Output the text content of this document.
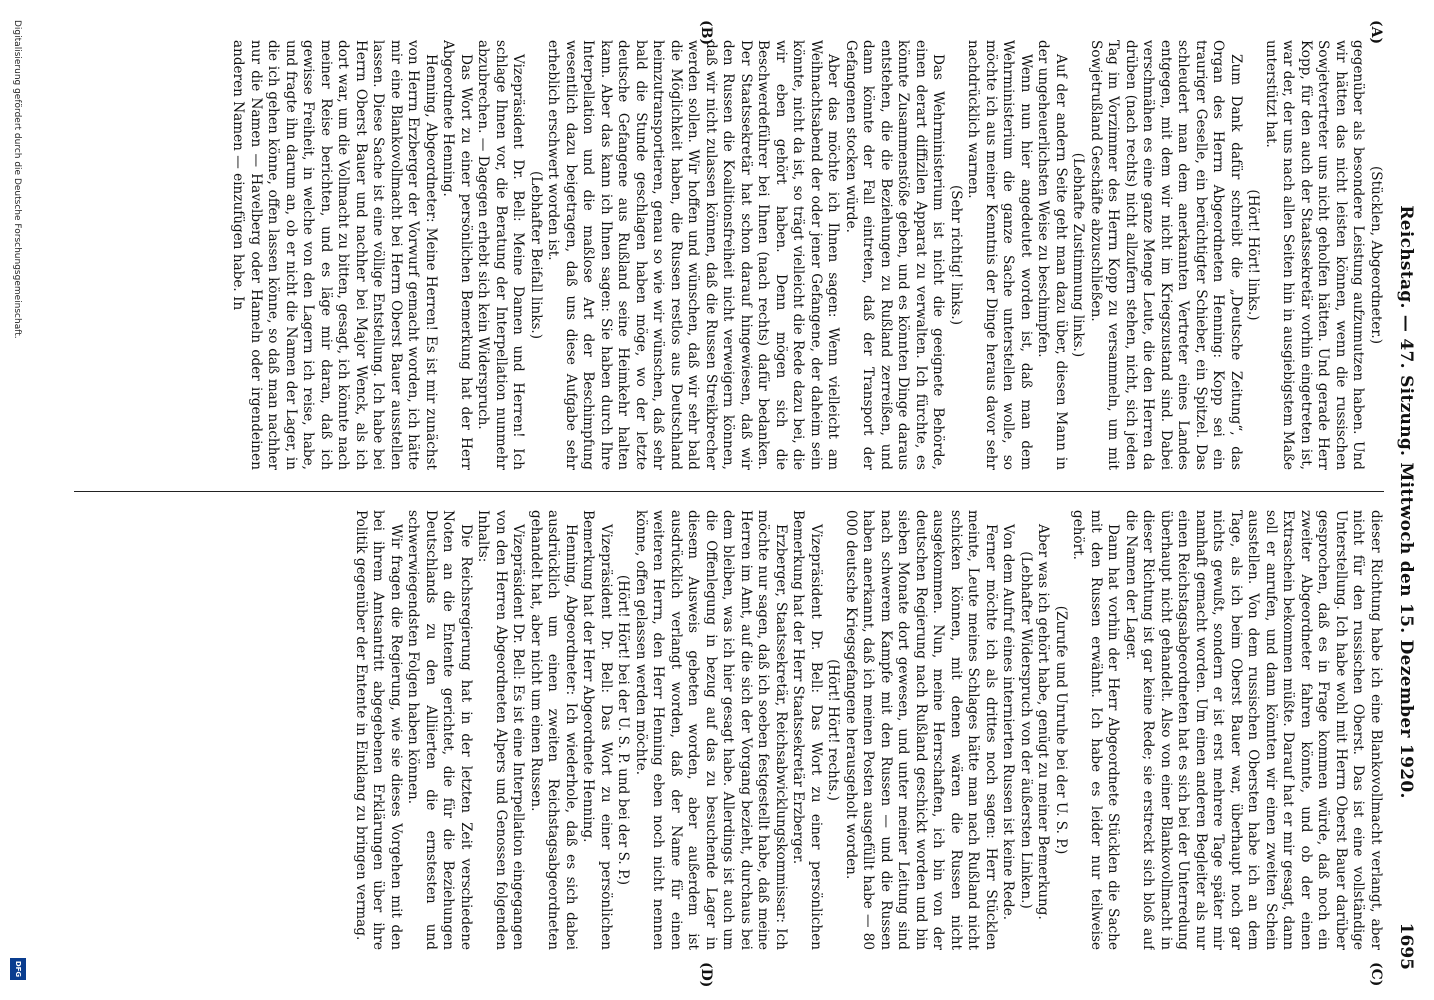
Reichstag. — 47. Sitzung. Mittwoch den 15. Dezember 1920.
1695
(A)
(B)
(C)
(D)

(Stücklen, Abgeordneter.)

gegenüber als besondere Leistung aufzumutzen haben. Und wir hätten das nicht leisten können, wenn die russischen Sowjetvertreter uns nicht geholfen hätten. Und gerade Herr Kopp, für den auch der Staatssekretär vorhin eingetreten ist, war der, der uns nach allen Seiten hin in ausgiebigstem Maße unterstützt hat.

(Hört! Hört! links.)

Zum Dank dafür schreibt die „Deutsche Zeitung“, das Organ des Herrn Abgeordneten Henning: Kopp sei ein trauriger Geselle, ein berüchtigter Schieber, ein Spitzel. Das schleudert man dem anerkannten Vertreter eines Landes entgegen, mit dem wir nicht im Kriegszustand sind. Dabei verschmähen es eine ganze Menge Leute, die den Herren da drüben (nach rechts) nicht allzufern stehen, nicht, sich jeden Tag im Vorzimmer des Herrn Kopp zu versammeln, um mit Sowjetrußland Geschäfte abzuschließen.

(Lebhafte Zustimmung links.)

Auf der andern Seite geht man dazu über, diesen Mann in der ungeheuerlichsten Weise zu beschimpfen.

Wenn nun hier angedeutet worden ist, daß man dem Wehrministerium die ganze Sache unterstellen wolle, so möchte ich aus meiner Kenntnis der Dinge heraus davor sehr nachdrücklich warnen.

(Sehr richtig! links.)

Das Wehrministerium ist nicht die geeignete Behörde, einen derart diffizilen Apparat zu verwalten. Ich fürchte, es könnte Zusammenstöße geben, und es könnten Dinge daraus entstehen, die die Beziehungen zu Rußland zerreißen, und dann könnte der Fall eintreten, daß der Transport der Gefangenen stocken würde.

Aber das möchte ich Ihnen sagen: Wenn vielleicht am Weihnachtsabend der oder jener Gefangene, der daheim sein könnte, nicht da ist, so trägt vielleicht die Rede dazu bei, die wir eben gehört haben. Denn mögen sich die Beschwerdeführer bei Ihnen (nach rechts) dafür bedanken. Der Staatssekretär hat schon darauf hingewiesen, daß wir den Russen die Koalitionsfreiheit nicht verweigern können, daß wir nicht zulassen können, daß die Russen Streikbrecher werden sollen. Wir hoffen und wünschen, daß wir sehr bald die Möglichkeit haben, die Russen restlos aus Deutschland heimzutransportieren, genau so wie wir wünschen, daß sehr bald die Stunde geschlagen haben möge, wo der letzte deutsche Gefangene aus Rußland seine Heimkehr halten kann. Aber das kann ich Ihnen sagen: Sie haben durch Ihre Interpellation und die maßlose Art der Beschimpfung wesentlich dazu beigetragen, daß uns diese Aufgabe sehr erheblich erschwert worden ist.

(Lebhafter Beifall links.)

Vizepräsident Dr. Bell: Meine Damen und Herren! Ich schlage Ihnen vor, die Beratung der Interpellation nunmehr abzubrechen. — Dagegen erhebt sich kein Widerspruch.

Das Wort zu einer persönlichen Bemerkung hat der Herr Abgeordnete Henning.

Henning, Abgeordneter: Meine Herren! Es ist mir zunächst von Herrn Erzberger der Vorwurf gemacht worden, ich hätte mir eine Blankovollmacht bei Herrn Oberst Bauer ausstellen lassen. Diese Sache ist eine völlige Entstellung. Ich habe bei Herrn Oberst Bauer und nachher bei Major Wenck, als ich dort war, um die Vollmacht zu bitten, gesagt, ich könnte nach meiner Reise berichten, und es läge mir daran, daß ich gewisse Freiheit, in welche von den Lagern ich reise, habe, und fragte ihn darum an, ob er nicht die Namen der Lager, in die ich gehen könne, offen lassen könne, so daß man nachher nur die Namen — Havelberg oder Hameln oder irgendeinen anderen Namen — einzufügen habe. In

dieser Richtung habe ich eine Blankovollmacht verlangt, aber nicht für den russischen Oberst. Das ist eine vollständige Unterstellung. Ich habe wohl mit Herrn Oberst Bauer darüber gesprochen, daß es in Frage kommen würde, daß noch ein zweiter Abgeordneter fahren könnte, und ob der einen Extraschein bekommen müßte. Darauf hat er mir gesagt, dann soll er anrufen, und dann könnten wir einen zweiten Schein ausstellen. Von dem russischen Obersten habe ich an dem Tage, als ich beim Oberst Bauer war, überhaupt noch gar nichts gewußt, sondern er ist erst mehrere Tage später mir namhaft gemacht worden. Um einen anderen Begleiter als nur einen Reichstagsabgeordneten hat es sich bei der Unterredung überhaupt nicht gehandelt. Also von einer Blankovollmacht in dieser Richtung ist gar keine Rede; sie erstreckt sich bloß auf die Namen der Lager.

Dann hat vorhin der Herr Abgeordnete Stücklen die Sache mit den Russen erwähnt. Ich habe es leider nur teilweise gehört.

(Zurufe und Unruhe bei der U. S. P.)

Aber was ich gehört habe, genügt zu meiner Bemerkung.

(Lebhafter Widerspruch von der äußersten Linken.)

Von dem Aufruf eines internierten Russen ist keine Rede.

Ferner möchte ich als drittes noch sagen: Herr Stücklen meinte, Leute meines Schlages hätte man nach Rußland nicht schicken können, mit denen wären die Russen nicht ausgekommen. Nun, meine Herrschaften, ich bin von der deutschen Regierung nach Rußland geschickt worden und bin sieben Monate dort gewesen, und unter meiner Leitung sind nach schwerem Kampfe mit den Russen — und die Russen haben anerkannt, daß ich meinen Posten ausgefüllt habe — 80 000 deutsche Kriegsgefangene herausgeholt worden.

(Hört! Hört! rechts.)

Vizepräsident Dr. Bell: Das Wort zu einer persönlichen Bemerkung hat der Herr Staatssekretär Erzberger.

Erzberger, Staatssekretär, Reichsabwicklungskommissar: Ich möchte nur sagen, daß ich soeben festgestellt habe, daß meine Herren im Amt, auf die sich der Vorgang bezieht, durchaus bei dem bleiben, was ich hier gesagt habe. Allerdings ist auch um die Offenlegung in bezug auf das zu besuchende Lager in diesem Ausweis gebeten worden, aber außerdem ist ausdrücklich verlangt worden, daß der Name für einen weiteren Herrn, den Herr Henning eben noch nicht nennen könne, offen gelassen werden möchte.

(Hört! Hört! bei der U. S. P. und bei der S. P.)

Vizepräsident Dr. Bell: Das Wort zu einer persönlichen Bemerkung hat der Herr Abgeordnete Henning.

Henning, Abgeordneter: Ich wiederhole, daß es sich dabei ausdrücklich um einen zweiten Reichstagsabgeordneten gehandelt hat, aber nicht um einen Russen.

Vizepräsident Dr. Bell: Es ist eine Interpellation eingegangen von den Herren Abgeordneten Alpers und Genossen folgenden Inhalts:

Die Reichsregierung hat in der letzten Zeit verschiedene Noten an die Entente gerichtet, die für die Beziehungen Deutschlands zu den Alliierten die ernstesten und schwerwiegendsten Folgen haben können.

Wir fragen die Regierung, wie sie dieses Vorgehen mit den bei ihrem Amtsantritt abgegebenen Erklärungen über ihre Politik gegenüber der Entente in Einklang zu bringen vermag.

Digitalisierung gefördert durch die Deutsche Forschungsgemeinschaft.
DFG
